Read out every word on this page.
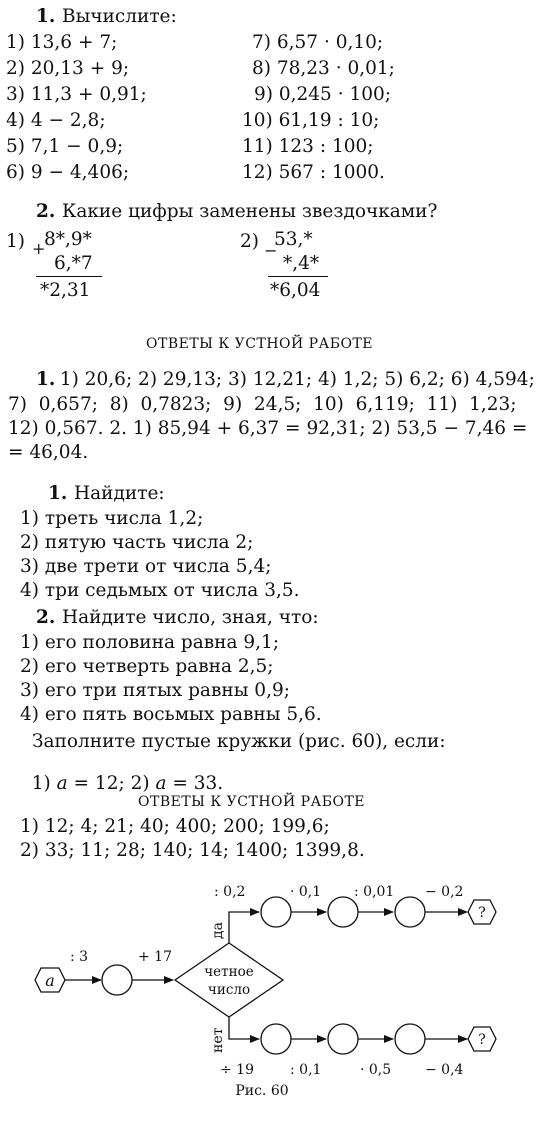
1. Вычислите:
1) 13,6 + 7;
2) 20,13 + 9;
3) 11,3 + 0,91;
4) 4 − 2,8;
5) 7,1 − 0,9;
6) 9 − 4,406;
7) 6,57 · 0,10;
8) 78,23 · 0,01;
9) 0,245 · 100;
10) 61,19 : 10;
11) 123 : 100;
12) 567 : 1000.
2. Какие цифры заменены звездочками?
1) +
8*,9*
6,*7
*2,31
2) −
53,*
*,4*
*6,04
ОТВЕТЫ К УСТНОЙ РАБОТЕ
1.
1) 20,6; 2) 29,13; 3) 12,21; 4) 1,2; 5) 6,2; 6) 4,594;
7)  0,657;  8)  0,7823;  9)  24,5;  10)  6,119;  11)  1,23;
12) 0,567. 2. 1) 85,94 + 6,37 = 92,31; 2) 53,5 − 7,46 =
= 46,04.
1. Найдите:
1) треть числа 1,2;
2) пятую часть числа 2;
3) две трети от числа 5,4;
4) три седьмых от числа 3,5.
2. Найдите число, зная, что:
1) его половина равна 9,1;
2) его четверть равна 2,5;
3) его три пятых равны 0,9;
4) его пять восьмых равны 5,6.
Заполните пустые кружки (рис. 60), если:

1) a = 12; 2) a = 33.

ОТВЕТЫ К УСТНОЙ РАБОТЕ
1) 12; 4; 21; 40; 400; 200; 199,6;
2) 33; 11; 28; 140; 14; 1400; 1399,8.
a
: 3	+ 17
четное
число
да
нет
: 0,2	· 0,1 : 0,01 − 0,2
?
÷ 19	: 0,1	· 0,5 − 0,4
?
Рис. 60
